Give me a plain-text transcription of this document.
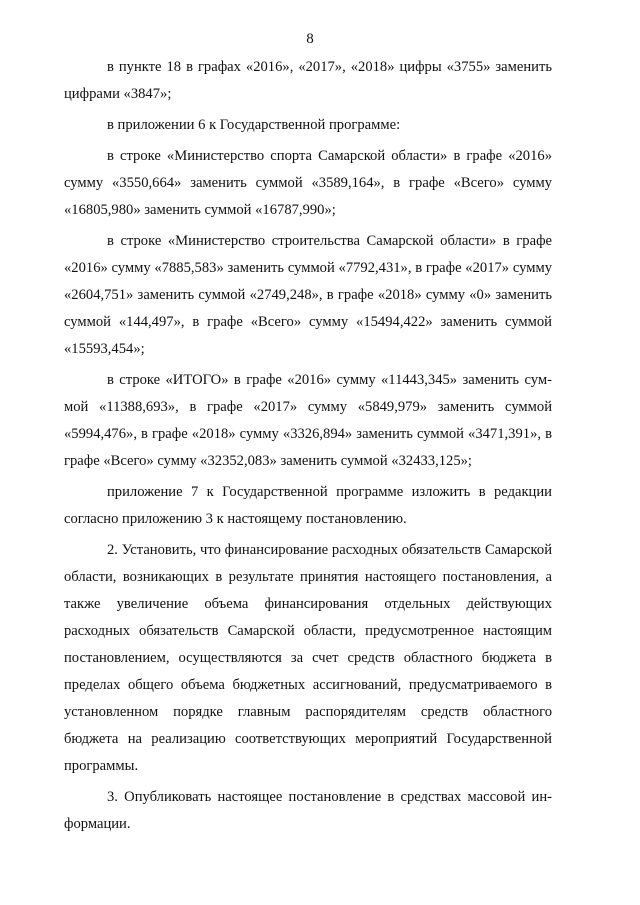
8

в пункте 18 в графах «2016», «2017», «2018» цифры «3755» заменить цифрами «3847»;

в приложении 6 к Государственной программе:

в строке «Министерство спорта Самарской области» в графе «2016» сумму «3550,664» заменить суммой «3589,164», в графе «Всего» сумму «16805,980» заменить суммой «16787,990»;

в строке «Министерство строительства Самарской области» в графе «2016» сумму «7885,583» заменить суммой «7792,431», в графе «2017» сумму «2604,751» заменить суммой «2749,248», в графе «2018» сумму «0» заменить суммой «144,497», в графе «Всего» сумму «15494,422» заменить суммой «15593,454»;

в строке «ИТОГО» в графе «2016» сумму «11443,345» заменить суммой «11388,693», в графе «2017» сумму «5849,979» заменить суммой «5994,476», в графе «2018» сумму «3326,894» заменить суммой «3471,391», в графе «Всего» сумму «32352,083» заменить суммой «32433,125»;

приложение 7 к Государственной программе изложить в редакции согласно приложению 3 к настоящему постановлению.

2. Установить, что финансирование расходных обязательств Самарской области, возникающих в результате принятия настоящего постановления, а также увеличение объема финансирования отдельных действующих расходных обязательств Самарской области, предусмотренное настоящим постановлением, осуществляются за счет средств областного бюджета в пределах общего объема бюджетных ассигнований, предусматриваемого в установленном порядке главным распорядителям средств областного бюджета на реализацию соответствующих мероприятий Государственной программы.

3. Опубликовать настоящее постановление в средствах массовой информации.
